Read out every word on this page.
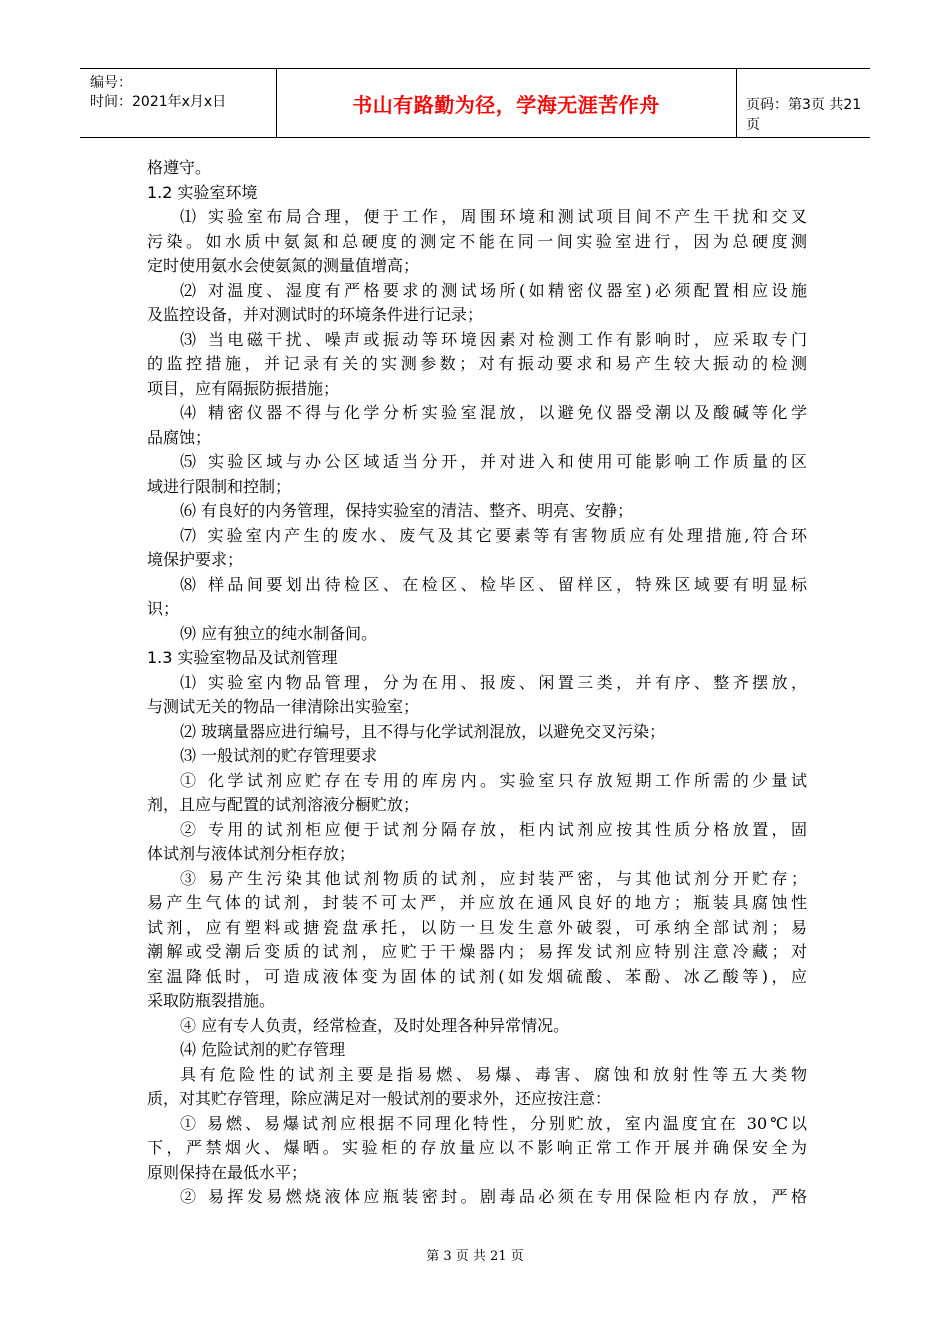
编号：
时间：2021年x月x日	书山有路勤为径，学海无涯苦作舟	页码：第3页 共21页
格遵守。
1.2 实验室环境
⑴ 实验室布局合理，便于工作，周围环境和测试项目间不产生干扰和交叉
污染。如水质中氨氮和总硬度的测定不能在同一间实验室进行，因为总硬度测
定时使用氨水会使氨氮的测量值增高；
⑵ 对温度、湿度有严格要求的测试场所(如精密仪器室)必须配置相应设施
及监控设备，并对测试时的环境条件进行记录；
⑶ 当电磁干扰、噪声或振动等环境因素对检测工作有影响时，应采取专门
的监控措施，并记录有关的实测参数；对有振动要求和易产生较大振动的检测
项目，应有隔振防振措施；
⑷ 精密仪器不得与化学分析实验室混放，以避免仪器受潮以及酸碱等化学
品腐蚀；
⑸ 实验区域与办公区域适当分开，并对进入和使用可能影响工作质量的区
域进行限制和控制；
⑹ 有良好的内务管理，保持实验室的清洁、整齐、明亮、安静；
⑺ 实验室内产生的废水、废气及其它要素等有害物质应有处理措施,符合环
境保护要求；
⑻ 样品间要划出待检区、在检区、检毕区、留样区，特殊区域要有明显标
识；
⑼ 应有独立的纯水制备间。
1.3 实验室物品及试剂管理
⑴ 实验室内物品管理，分为在用、报废、闲置三类，并有序、整齐摆放，
与测试无关的物品一律清除出实验室；
⑵ 玻璃量器应进行编号，且不得与化学试剂混放，以避免交叉污染；
⑶ 一般试剂的贮存管理要求
① 化学试剂应贮存在专用的库房内。实验室只存放短期工作所需的少量试
剂，且应与配置的试剂溶液分橱贮放；
② 专用的试剂柜应便于试剂分隔存放，柜内试剂应按其性质分格放置，固
体试剂与液体试剂分柜存放；
③ 易产生污染其他试剂物质的试剂，应封装严密，与其他试剂分开贮存；
易产生气体的试剂，封装不可太严，并应放在通风良好的地方；瓶装具腐蚀性
试剂，应有塑料或搪瓷盘承托，以防一旦发生意外破裂，可承纳全部试剂；易
潮解或受潮后变质的试剂，应贮于干燥器内；易挥发试剂应特别注意冷藏；对
室温降低时，可造成液体变为固体的试剂(如发烟硫酸、苯酚、冰乙酸等)，应
采取防瓶裂措施。
④ 应有专人负责，经常检查，及时处理各种异常情况。
⑷ 危险试剂的贮存管理
具有危险性的试剂主要是指易燃、易爆、毒害、腐蚀和放射性等五大类物
质，对其贮存管理，除应满足对一般试剂的要求外，还应按注意：
① 易燃、易爆试剂应根据不同理化特性，分别贮放，室内温度宜在 30℃以
下，严禁烟火、爆晒。实验柜的存放量应以不影响正常工作开展并确保安全为
原则保持在最低水平；
② 易挥发易燃烧液体应瓶装密封。剧毒品必须在专用保险柜内存放，严格
第 3 页 共 21 页
